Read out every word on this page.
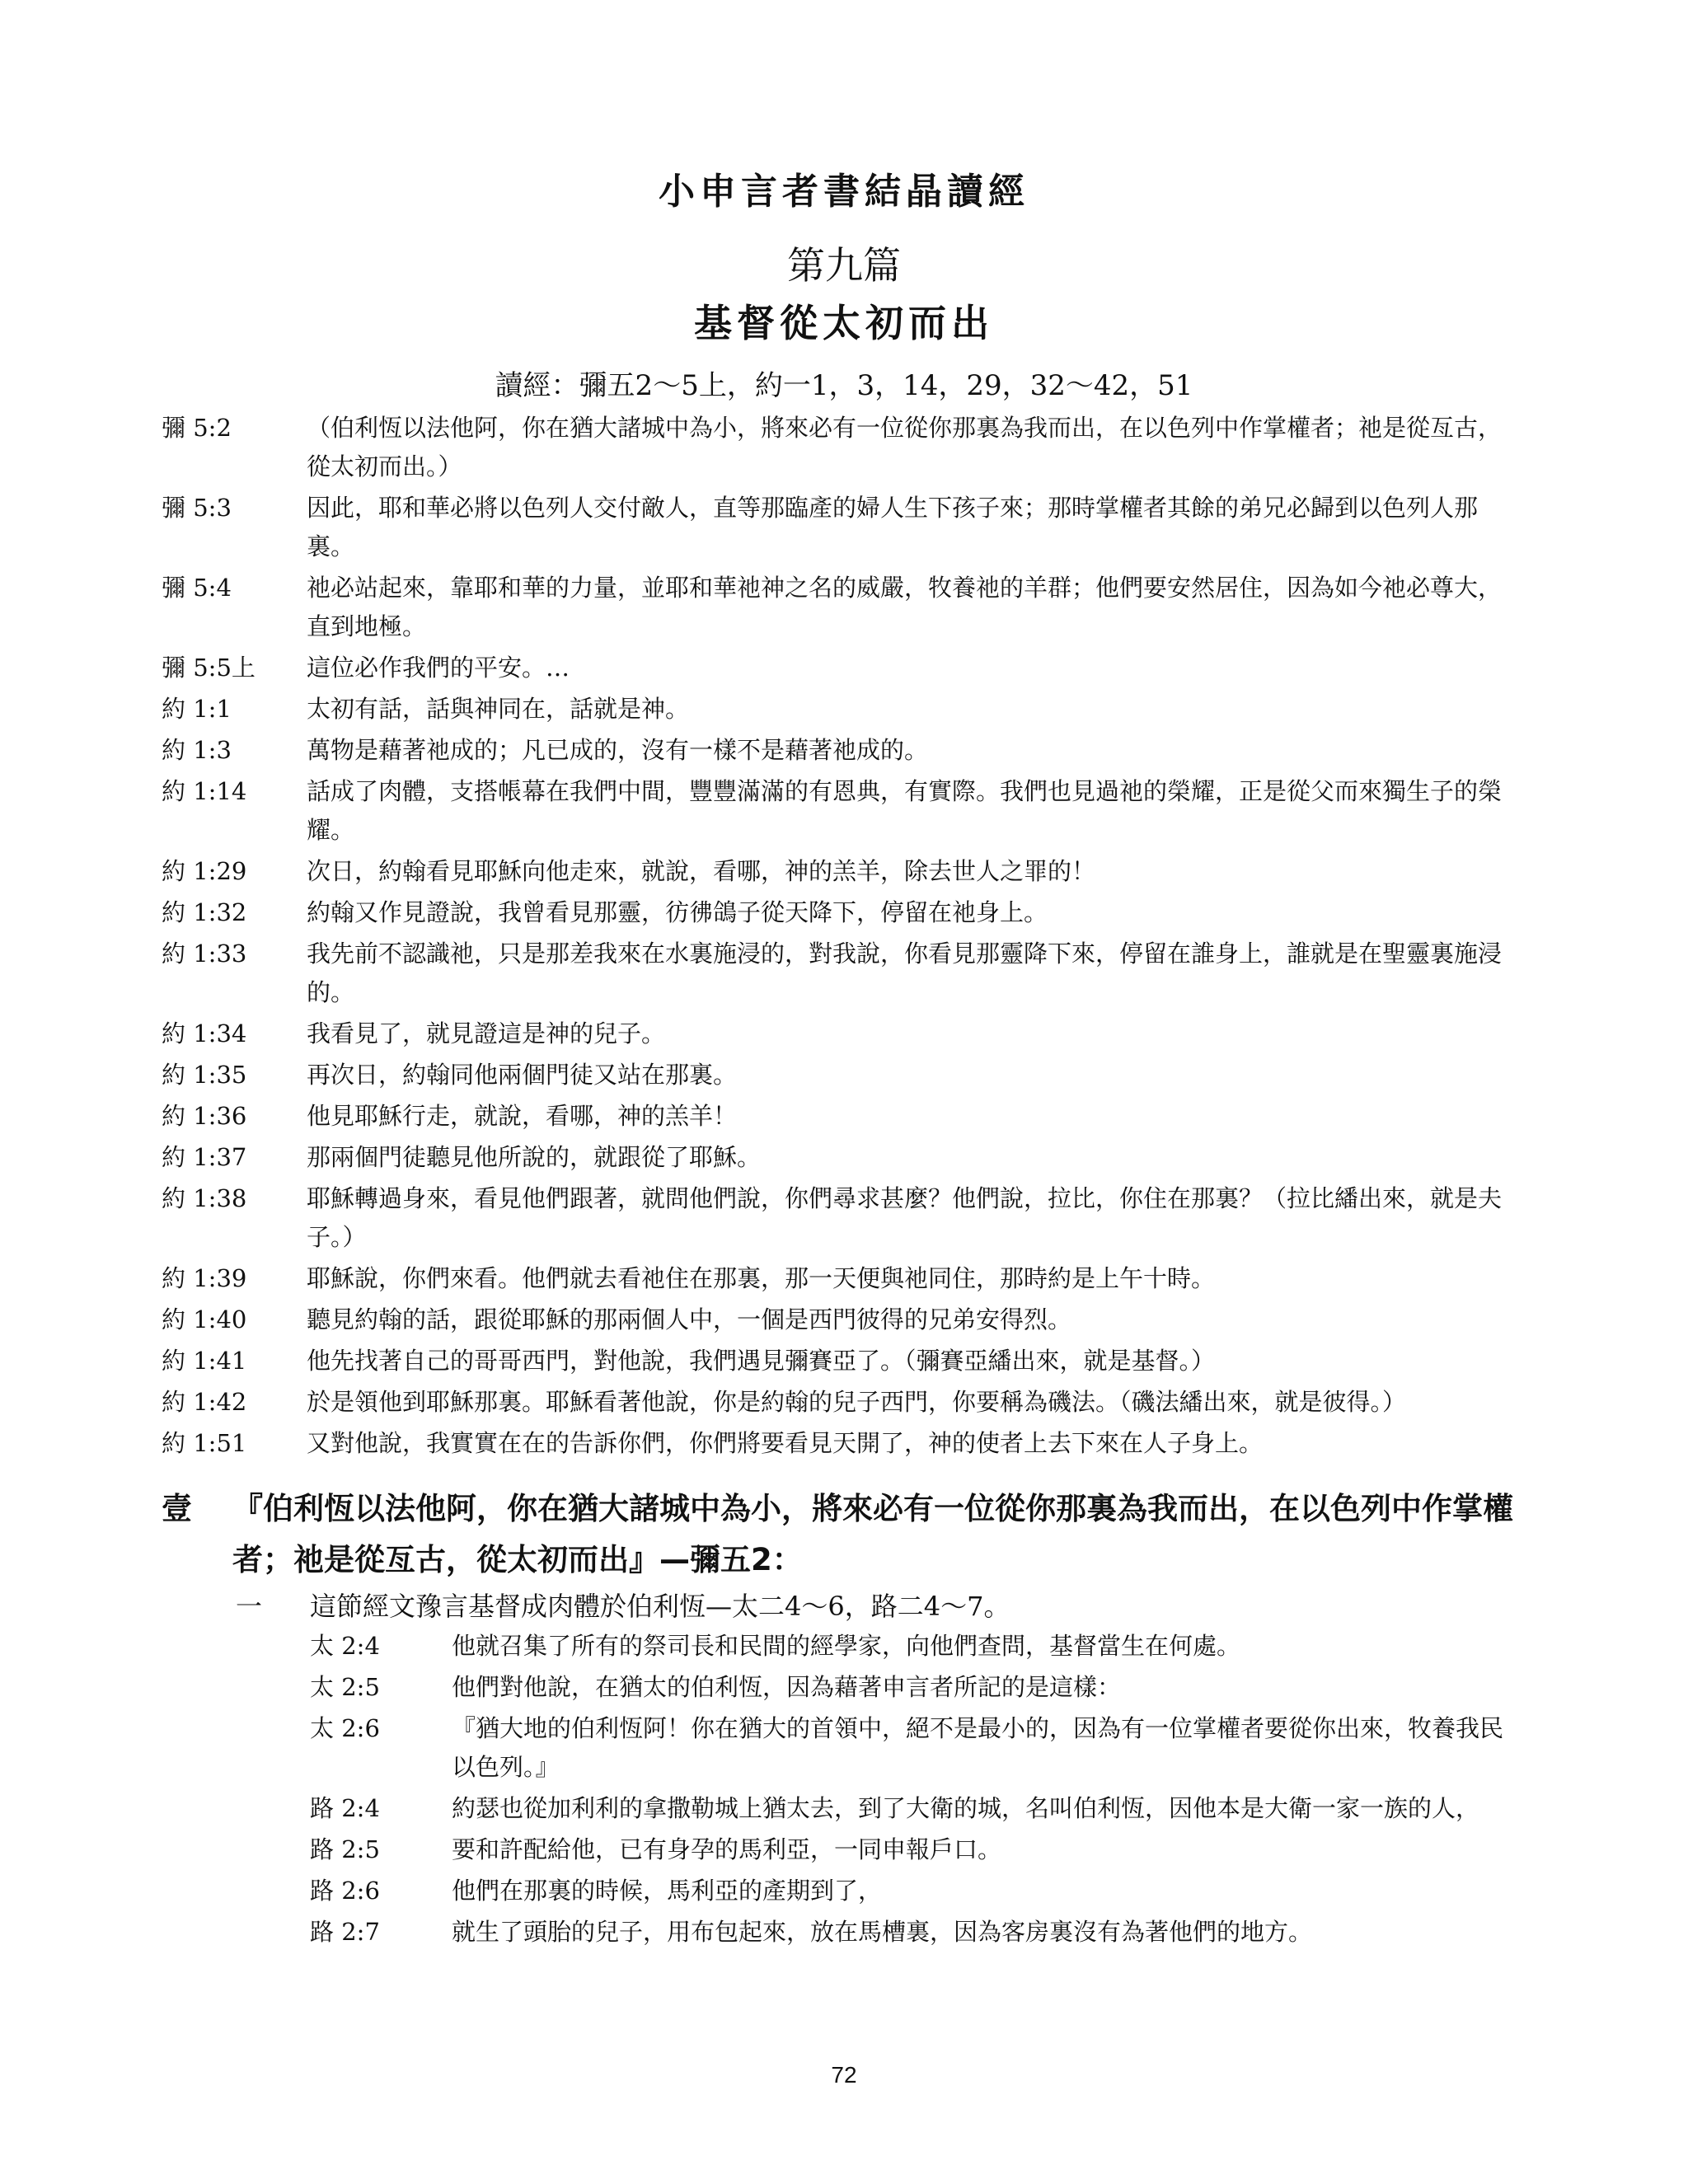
小申言者書結晶讀經
第九篇
基督從太初而出
讀經：彌五2～5上，約一1，3，14，29，32～42，51
彌 5:2	（伯利恆以法他阿，你在猶大諸城中為小，將來必有一位從你那裏為我而出，在以色列中作掌權者；祂是從亙古，從太初而出。）
彌 5:3	因此，耶和華必將以色列人交付敵人，直等那臨產的婦人生下孩子來；那時掌權者其餘的弟兄必歸到以色列人那裏。
彌 5:4	祂必站起來，靠耶和華的力量，並耶和華祂神之名的威嚴，牧養祂的羊群；他們要安然居住，因為如今祂必尊大，直到地極。
彌 5:5上	這位必作我們的平安。…
約 1:1	太初有話，話與神同在，話就是神。
約 1:3	萬物是藉著祂成的；凡已成的，沒有一樣不是藉著祂成的。
約 1:14	話成了肉體，支搭帳幕在我們中間，豐豐滿滿的有恩典，有實際。我們也見過祂的榮耀，正是從父而來獨生子的榮耀。
約 1:29	次日，約翰看見耶穌向他走來，就說，看哪，神的羔羊，除去世人之罪的！
約 1:32	約翰又作見證說，我曾看見那靈，彷彿鴿子從天降下，停留在祂身上。
約 1:33	我先前不認識祂，只是那差我來在水裏施浸的，對我說，你看見那靈降下來，停留在誰身上，誰就是在聖靈裏施浸的。
約 1:34	我看見了，就見證這是神的兒子。
約 1:35	再次日，約翰同他兩個門徒又站在那裏。
約 1:36	他見耶穌行走，就說，看哪，神的羔羊！
約 1:37	那兩個門徒聽見他所說的，就跟從了耶穌。
約 1:38	耶穌轉過身來，看見他們跟著，就問他們說，你們尋求甚麼？他們說，拉比，你住在那裏？（拉比繙出來，就是夫子。）
約 1:39	耶穌說，你們來看。他們就去看祂住在那裏，那一天便與祂同住，那時約是上午十時。
約 1:40	聽見約翰的話，跟從耶穌的那兩個人中，一個是西門彼得的兄弟安得烈。
約 1:41	他先找著自己的哥哥西門，對他說，我們遇見彌賽亞了。（彌賽亞繙出來，就是基督。）
約 1:42	於是領他到耶穌那裏。耶穌看著他說，你是約翰的兒子西門，你要稱為磯法。（磯法繙出來，就是彼得。）
約 1:51	又對他說，我實實在在的告訴你們，你們將要看見天開了，神的使者上去下來在人子身上。
壹	『伯利恆以法他阿，你在猶大諸城中為小，將來必有一位從你那裏為我而出，在以色列中作掌權者；祂是從亙古，從太初而出』—彌五2：
一	這節經文豫言基督成肉體於伯利恆—太二4～6，路二4～7。
太 2:4	他就召集了所有的祭司長和民間的經學家，向他們查問，基督當生在何處。
太 2:5	他們對他說，在猶太的伯利恆，因為藉著申言者所記的是這樣：
太 2:6	『猶大地的伯利恆阿！你在猶大的首領中，絕不是最小的，因為有一位掌權者要從你出來，牧養我民以色列。』
路 2:4	約瑟也從加利利的拿撒勒城上猶太去，到了大衛的城，名叫伯利恆，因他本是大衛一家一族的人，
路 2:5	要和許配給他，已有身孕的馬利亞，一同申報戶口。
路 2:6	他們在那裏的時候，馬利亞的產期到了，
路 2:7	就生了頭胎的兒子，用布包起來，放在馬槽裏，因為客房裏沒有為著他們的地方。
72
